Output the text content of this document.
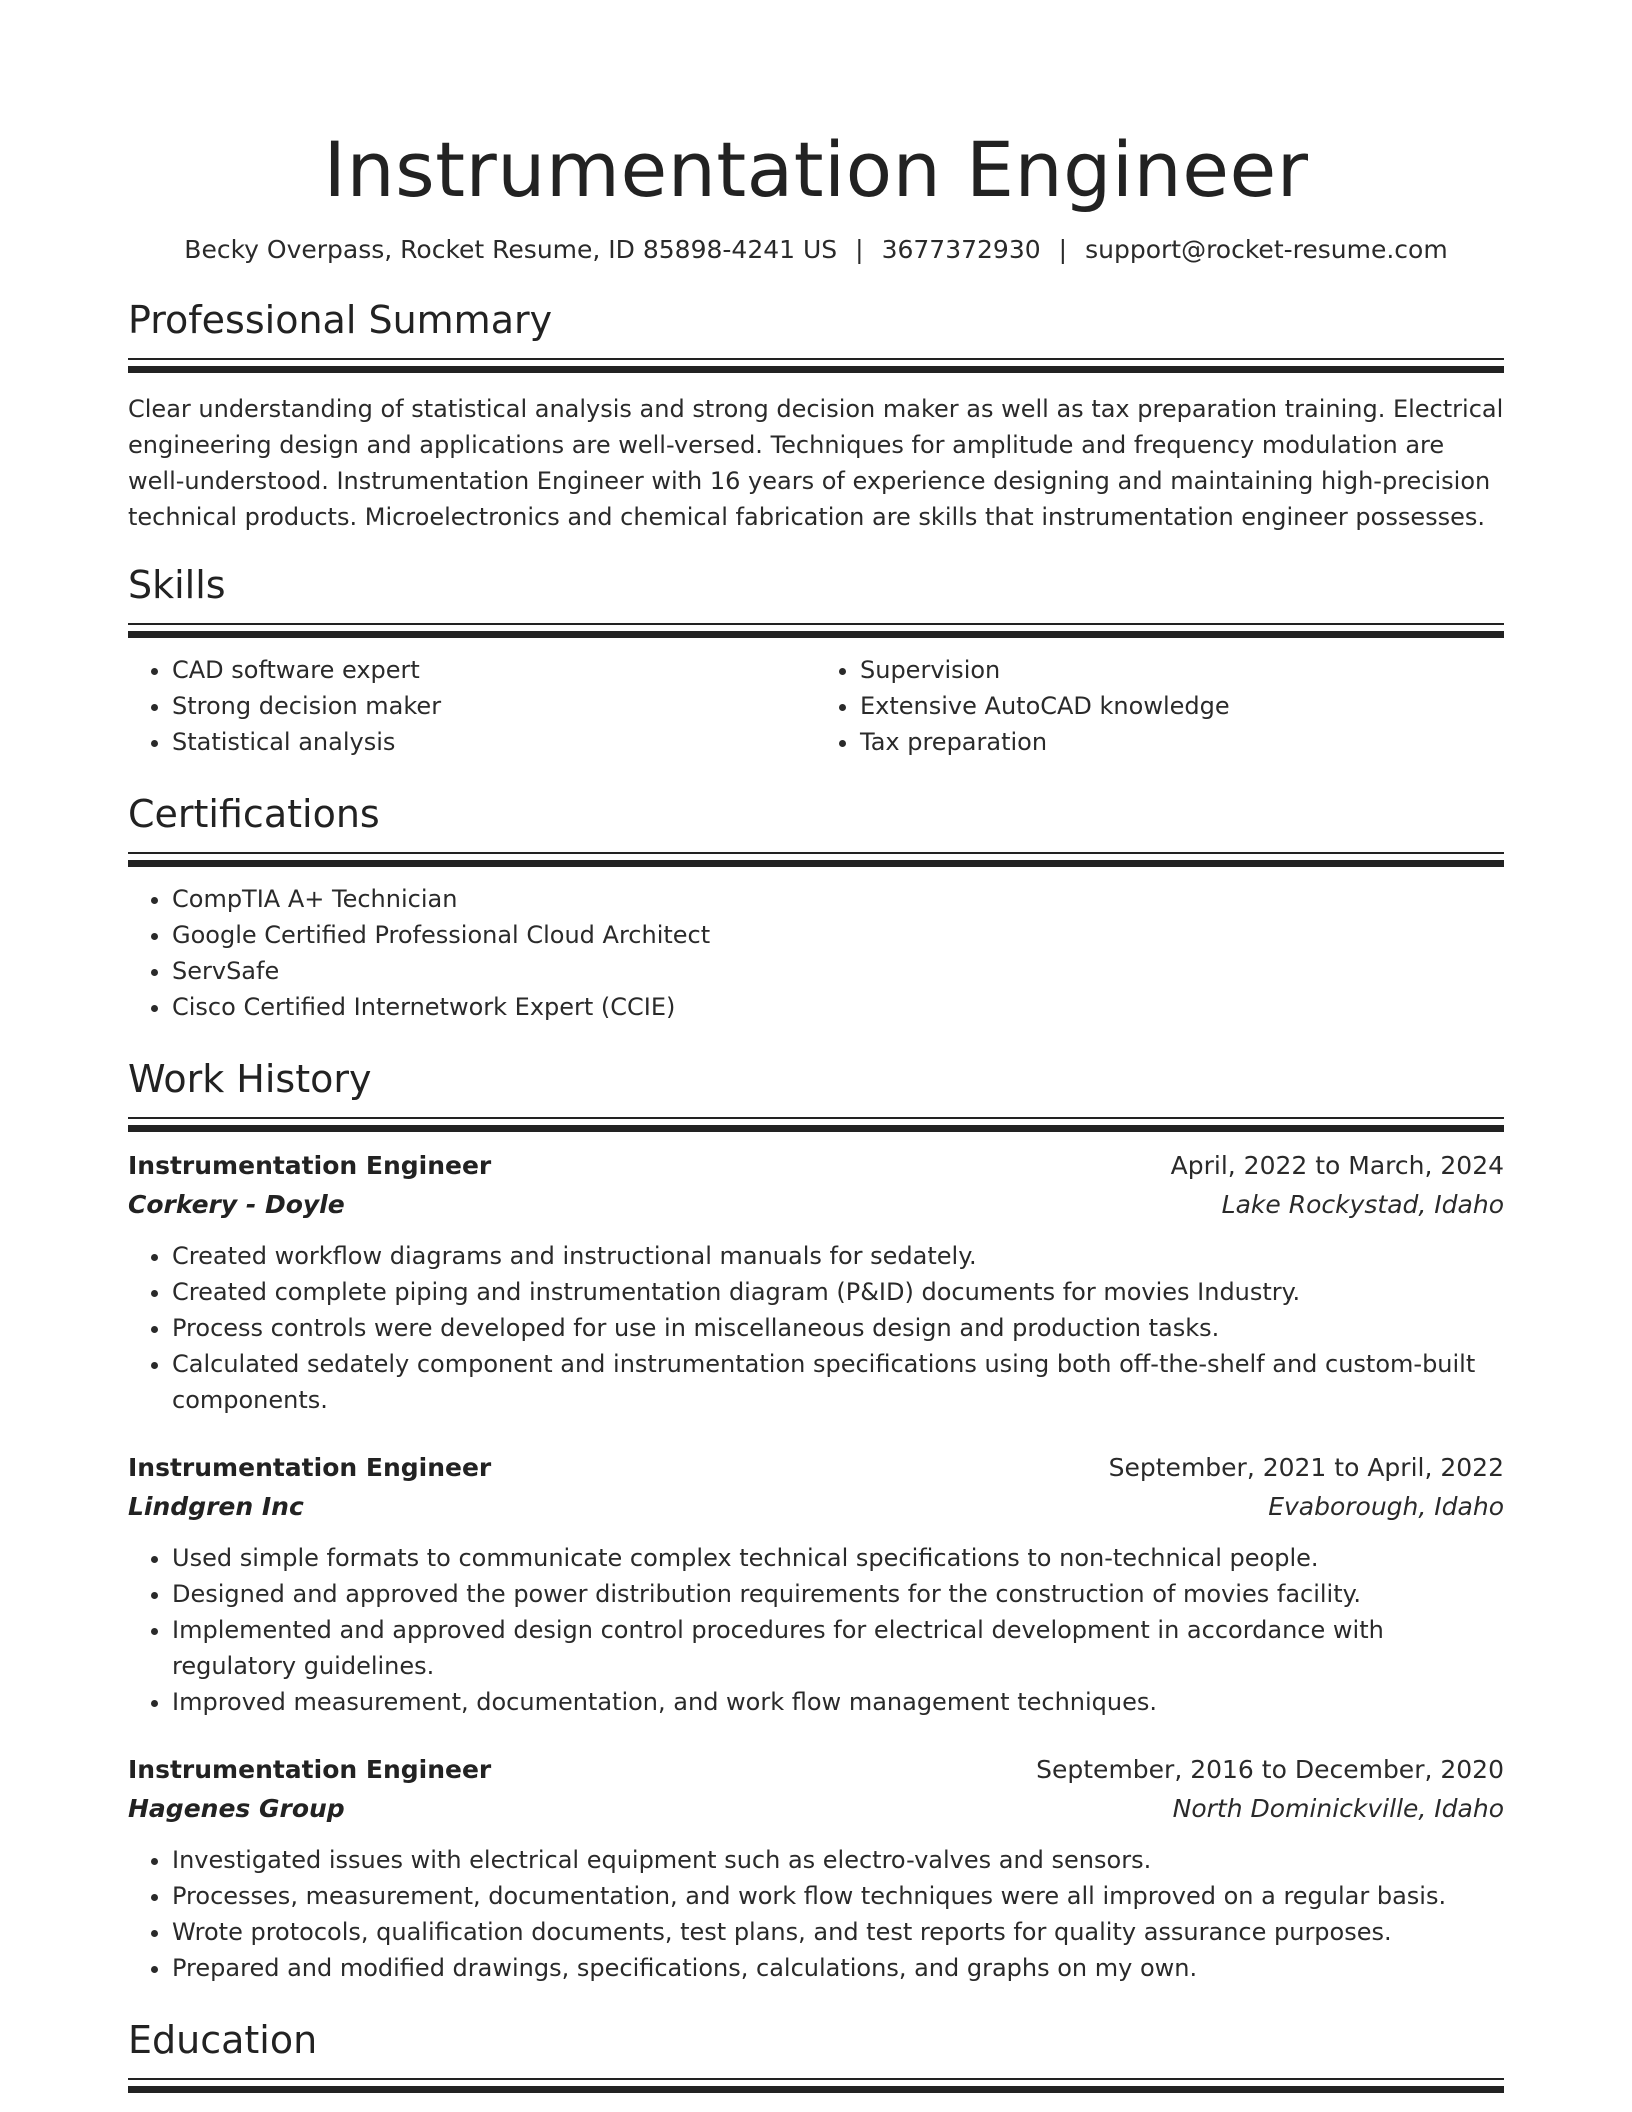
Instrumentation Engineer
Becky Overpass, Rocket Resume, ID 85898-4241 US | 3677372930 | support@rocket-resume.com
Professional Summary

Clear understanding of statistical analysis and strong decision maker as well as tax preparation training. Electrical engineering design and applications are well-versed. Techniques for amplitude and frequency modulation are well-understood. Instrumentation Engineer with 16 years of experience designing and maintaining high-precision technical products. Microelectronics and chemical fabrication are skills that instrumentation engineer possesses.

Skills
• CAD software expert
• Strong decision maker
• Statistical analysis
• Supervision
• Extensive AutoCAD knowledge
• Tax preparation
Certifications
• CompTIA A+ Technician
• Google Certified Professional Cloud Architect
• ServSafe
• Cisco Certified Internetwork Expert (CCIE)
Work History
Instrumentation Engineer	April, 2022 to March, 2024
Corkery - Doyle	Lake Rockystad, Idaho
• Created workflow diagrams and instructional manuals for sedately.
• Created complete piping and instrumentation diagram (P&ID) documents for movies Industry.
• Process controls were developed for use in miscellaneous design and production tasks.
• Calculated sedately component and instrumentation specifications using both off-the-shelf and custom-built components.
Instrumentation Engineer	September, 2021 to April, 2022
Lindgren Inc	Evaborough, Idaho
• Used simple formats to communicate complex technical specifications to non-technical people.
• Designed and approved the power distribution requirements for the construction of movies facility.
• Implemented and approved design control procedures for electrical development in accordance with regulatory guidelines.
• Improved measurement, documentation, and work flow management techniques.
Instrumentation Engineer	September, 2016 to December, 2020
Hagenes Group	North Dominickville, Idaho
• Investigated issues with electrical equipment such as electro-valves and sensors.
• Processes, measurement, documentation, and work flow techniques were all improved on a regular basis.
• Wrote protocols, qualification documents, test plans, and test reports for quality assurance purposes.
• Prepared and modified drawings, specifications, calculations, and graphs on my own.
Education
